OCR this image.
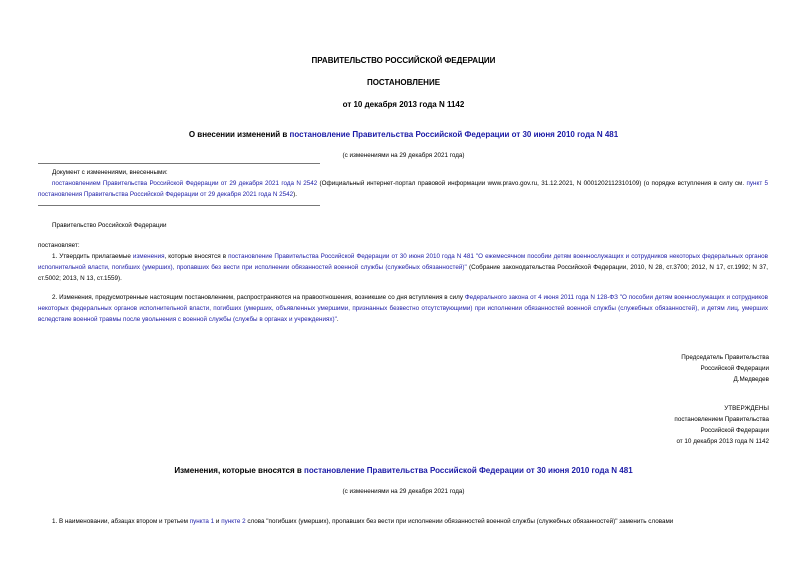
ПРАВИТЕЛЬСТВО РОССИЙСКОЙ ФЕДЕРАЦИИ
ПОСТАНОВЛЕНИЕ
от 10 декабря 2013 года N 1142
О внесении изменений в постановление Правительства Российской Федерации от 30 июня 2010 года N 481
(с изменениями на 29 декабря 2021 года)
Документ с изменениями, внесенными:
постановлением Правительства Российской Федерации от 29 декабря 2021 года N 2542 (Официальный интернет-портал правовой информации www.pravo.gov.ru, 31.12.2021, N 0001202112310109) (о порядке вступления в силу см. пункт 5 постановления Правительства Российской Федерации от 29 декабря 2021 года N 2542).
Правительство Российской Федерации
постановляет:
1. Утвердить прилагаемые изменения, которые вносятся в постановление Правительства Российской Федерации от 30 июня 2010 года N 481 "О ежемесячном пособии детям военнослужащих и сотрудников некоторых федеральных органов исполнительной власти, погибших (умерших), пропавших без вести при исполнении обязанностей военной службы (служебных обязанностей)" (Собрание законодательства Российской Федерации, 2010, N 28, ст.3700; 2012, N 17, ст.1992; N 37, ст.5002; 2013, N 13, ст.1559).
2. Изменения, предусмотренные настоящим постановлением, распространяются на правоотношения, возникшие со дня вступления в силу Федерального закона от 4 июня 2011 года N 128-ФЗ "О пособии детям военнослужащих и сотрудников некоторых федеральных органов исполнительной власти, погибших (умерших, объявленных умершими, признанных безвестно отсутствующими) при исполнении обязанностей военной службы (служебных обязанностей), и детям лиц, умерших вследствие военной травмы после увольнения с военной службы (службы в органах и учреждениях)".
Председатель Правительства
Российской Федерации
Д.Медведев
УТВЕРЖДЕНЫ
постановлением Правительства
Российской Федерации
от 10 декабря 2013 года N 1142
Изменения, которые вносятся в постановление Правительства Российской Федерации от 30 июня 2010 года N 481
(с изменениями на 29 декабря 2021 года)
1. В наименовании, абзацах втором и третьем пункта 1 и пункте 2 слова "погибших (умерших), пропавших без вести при исполнении обязанностей военной службы (служебных обязанностей)" заменить словами
